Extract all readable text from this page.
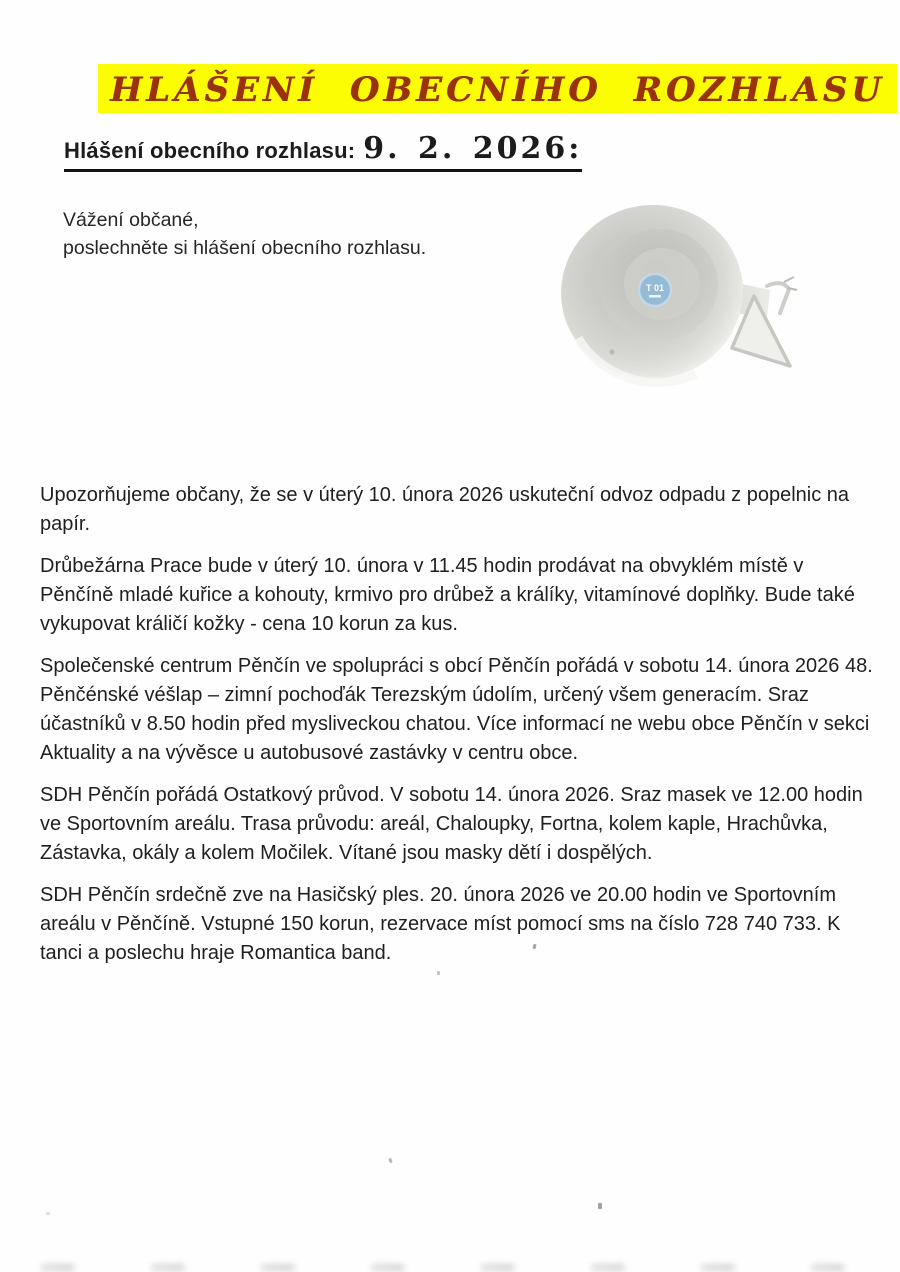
HLÁŠENÍ OBECNÍHO ROZHLASU
Hlášení obecního rozhlasu: 9. 2. 2026:
Vážení občané,
poslechněte si hlášení obecního rozhlasu.
T 01

Upozorňujeme občany, že se v úterý 10. února 2026 uskuteční odvoz odpadu z popelnic na papír.

Drůbežárna Prace bude v úterý 10. února v 11.45 hodin prodávat na obvyklém místě v Pěnčíně mladé kuřice a kohouty, krmivo pro drůbež a králíky, vitamínové doplňky. Bude také vykupovat králičí kožky - cena 10 korun za kus.

Společenské centrum Pěnčín ve spolupráci s obcí Pěnčín pořádá v sobotu 14. února 2026 48. Pěnčénské véšlap – zimní pochoďák Terezským údolím, určený všem generacím. Sraz účastníků v 8.50 hodin před mysliveckou chatou. Více informací ne webu obce Pěnčín v sekci Aktuality a na vývěsce u autobusové zastávky v centru obce.

SDH Pěnčín pořádá Ostatkový průvod. V sobotu 14. února 2026. Sraz masek ve 12.00 hodin ve Sportovním areálu. Trasa průvodu: areál, Chaloupky, Fortna, kolem kaple, Hrachůvka, Zástavka, okály a kolem Močilek. Vítané jsou masky dětí i dospělých.

SDH Pěnčín srdečně zve na Hasičský ples. 20. února 2026 ve 20.00 hodin ve Sportovním areálu v Pěnčíně. Vstupné 150 korun, rezervace míst pomocí sms na číslo 728 740 733. K tanci a poslechu hraje Romantica band.
